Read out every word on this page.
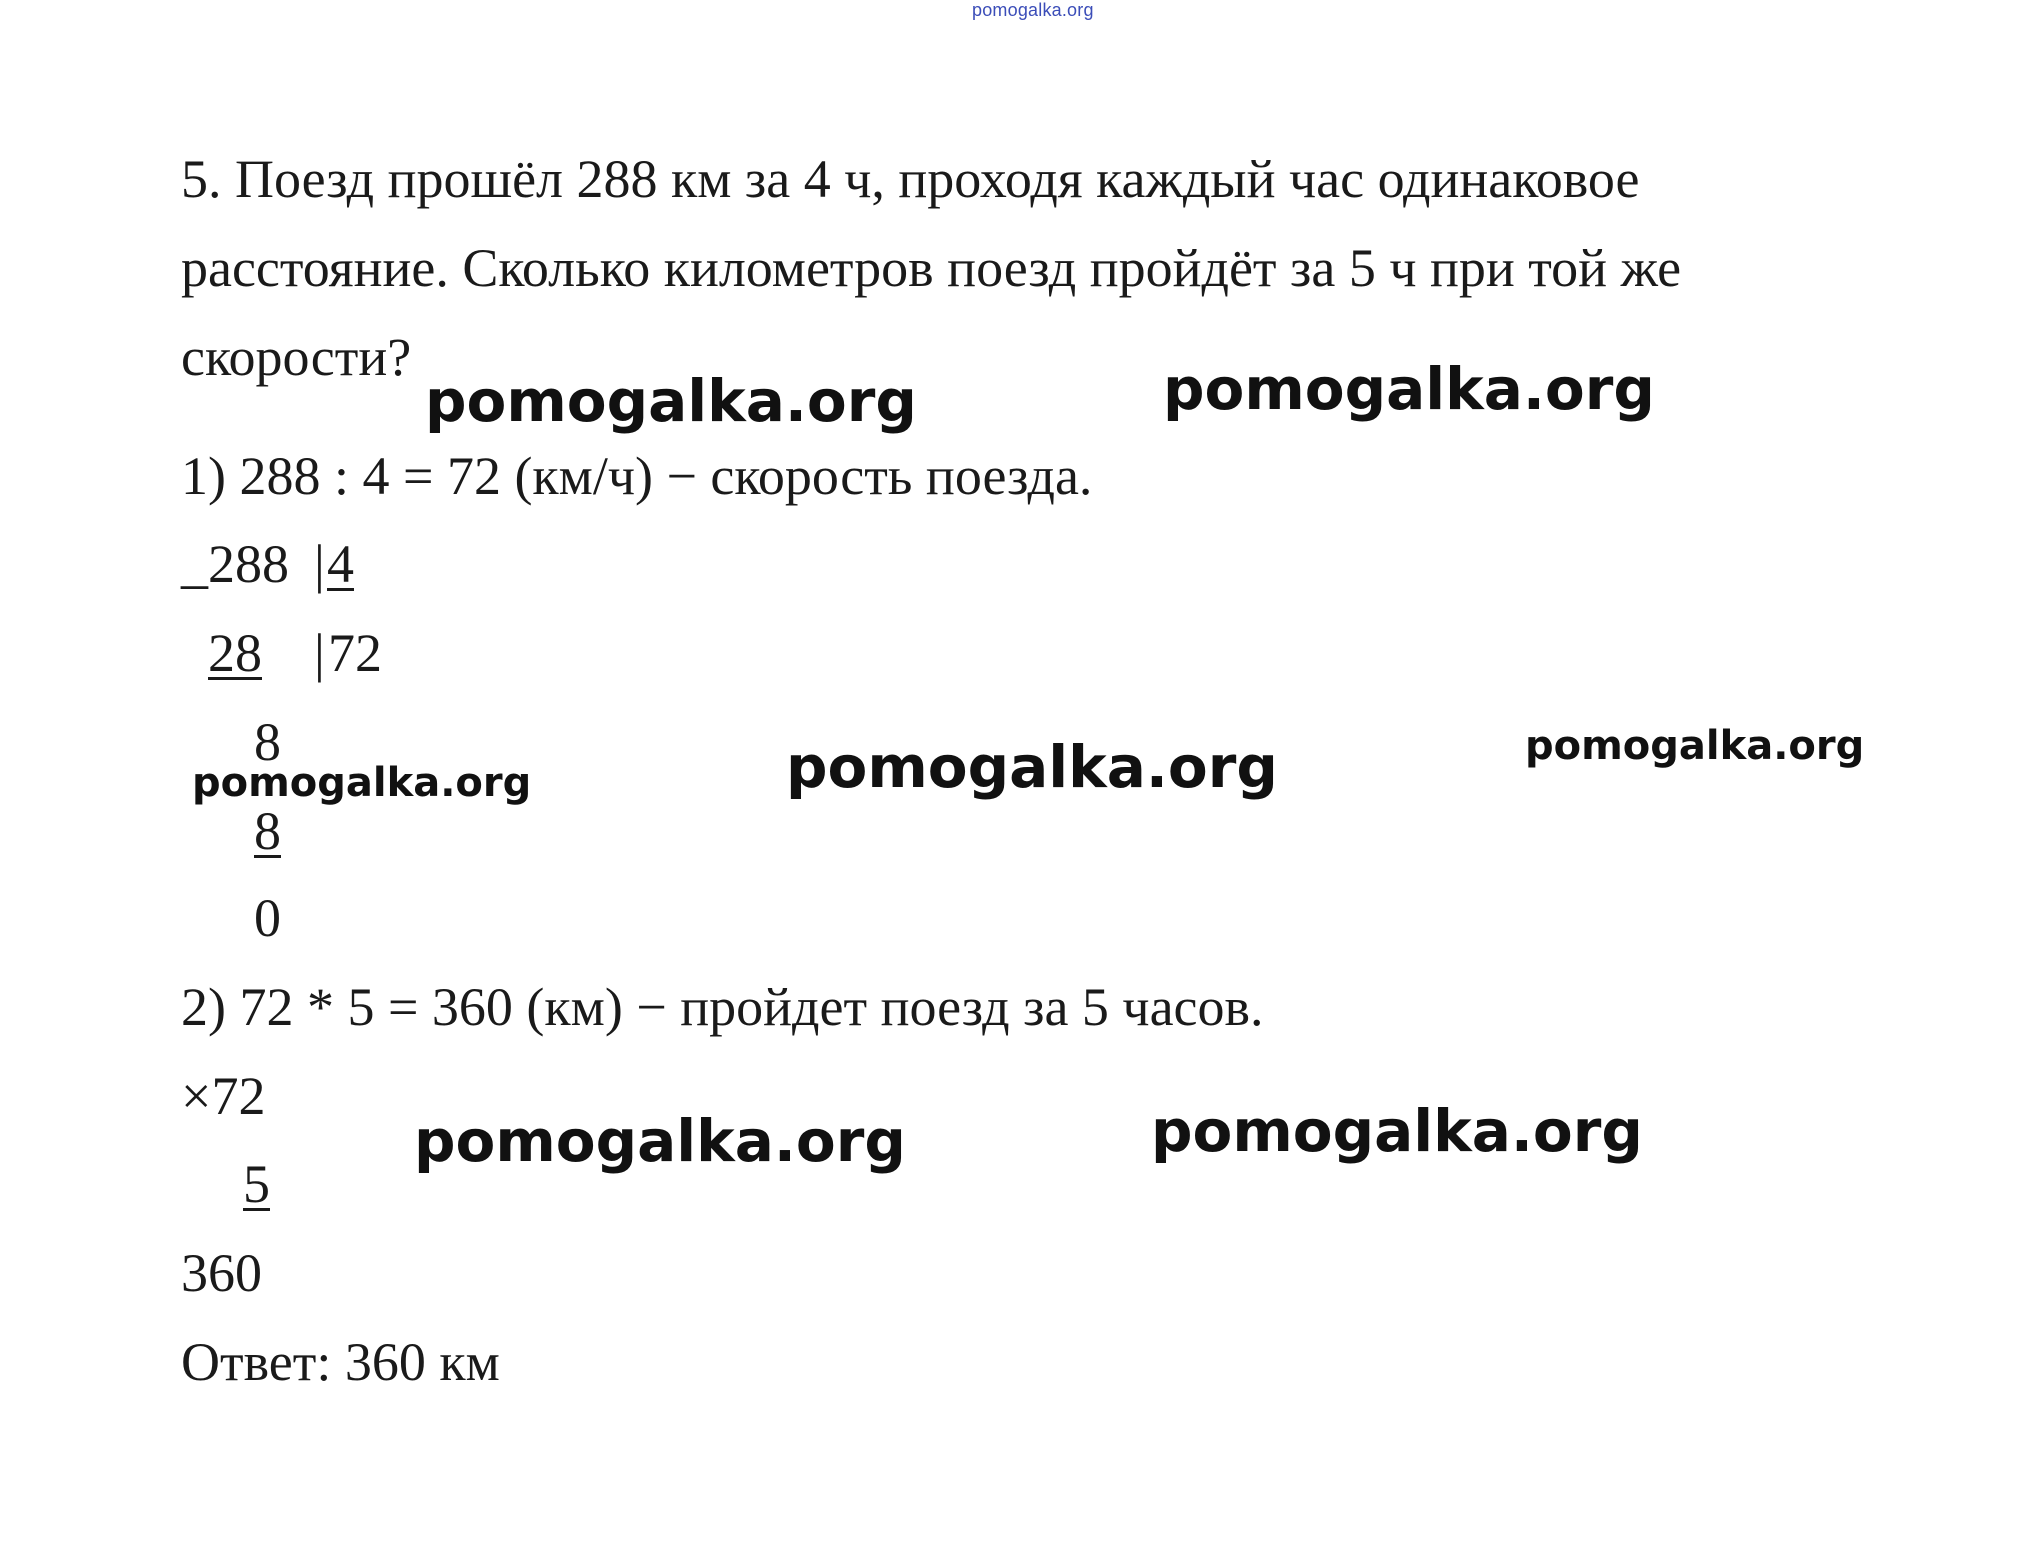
pomogalka.org
5. Поезд прошёл 288 км за 4 ч, проходя каждый час одинаковое
расстояние. Сколько километров поезд пройдёт за 5 ч при той же
скорости?
1) 288 : 4 = 72 (км/ч) − скорость поезда.
_ 288 | 4
28 | 72
8
8
0
2) 72 * 5 = 360 (км) − пройдет поезд за 5 часов.
×72
5
360
Ответ: 360 км
pomogalka.org	pomogalka.org
pomogalka.org	pomogalka.org	pomogalka.org
pomogalka.org	pomogalka.org
